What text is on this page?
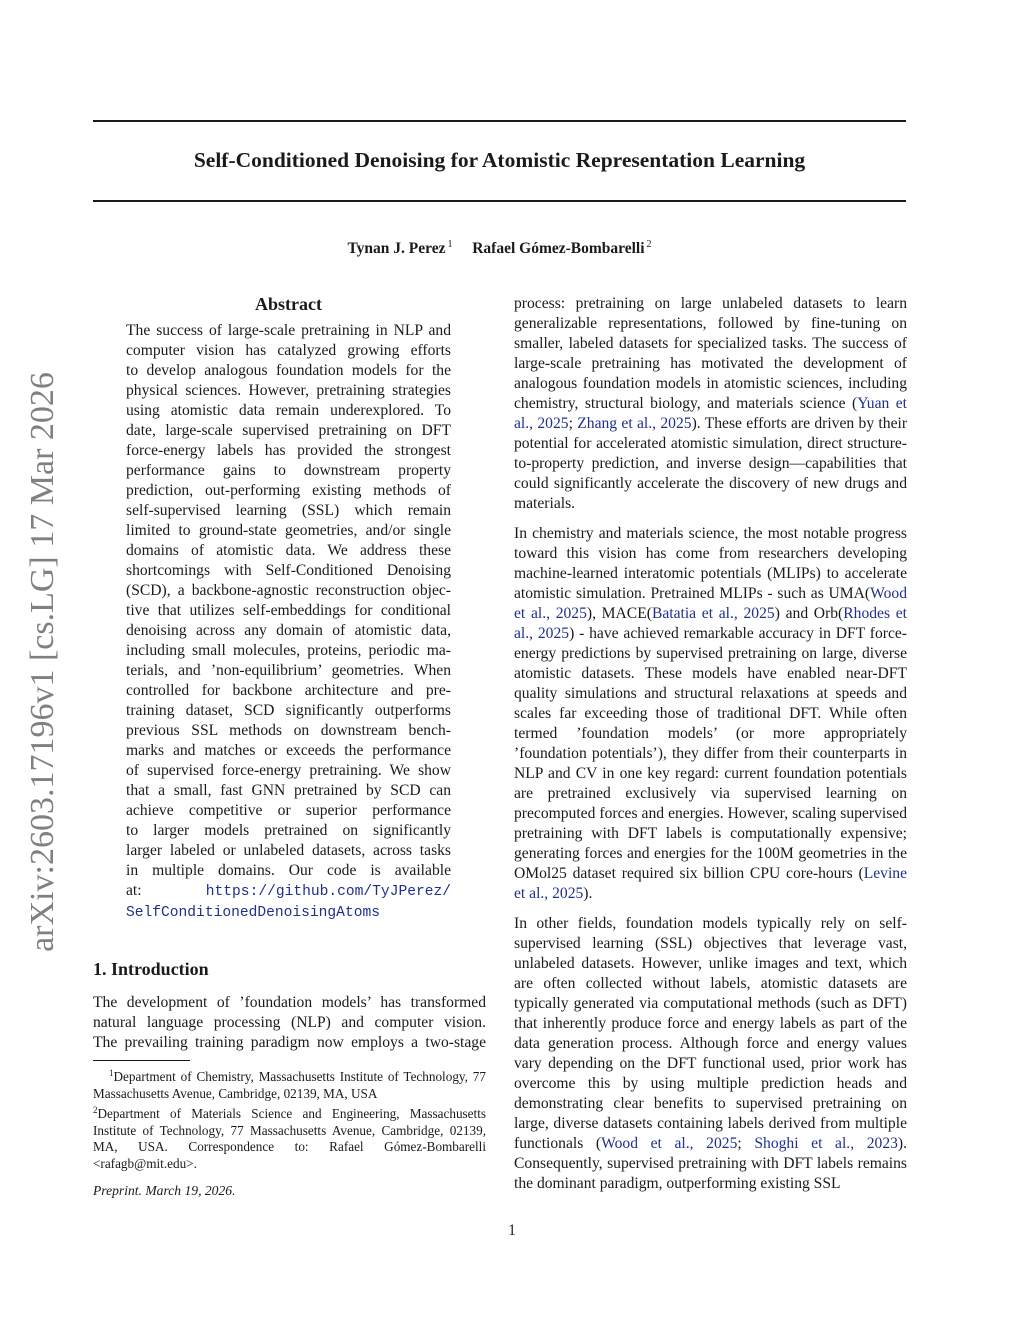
arXiv:2603.17196v1 [cs.LG] 17 Mar 2026
Self-Conditioned Denoising for Atomistic Representation Learning
Tynan J. Perez $^1$ Rafael Gómez-Bombarelli $^2$
Abstract
The success of large-scale pretraining in NLP and
computer vision has catalyzed growing efforts
to develop analogous foundation models for the
physical sciences. However, pretraining strategies
using atomistic data remain underexplored. To
date, large-scale supervised pretraining on DFT
force-energy labels has provided the strongest
performance gains to downstream property
prediction, out-performing existing methods of
self-supervised learning (SSL) which remain
limited to ground-state geometries, and/or single
domains of atomistic data. We address these
shortcomings with Self-Conditioned Denoising
(SCD), a backbone-agnostic reconstruction objec-
tive that utilizes self-embeddings for conditional
denoising across any domain of atomistic data,
including small molecules, proteins, periodic ma-
terials, and ’non-equilibrium’ geometries. When
controlled for backbone architecture and pre-
training dataset, SCD significantly outperforms
previous SSL methods on downstream bench-
marks and matches or exceeds the performance
of supervised force-energy pretraining. We show
that a small, fast GNN pretrained by SCD can
achieve competitive or superior performance
to larger models pretrained on significantly
larger labeled or unlabeled datasets, across tasks
in multiple domains. Our code is available
at:	https://github.com/TyJPerez/
SelfConditionedDenoisingAtoms
1. Introduction
The development of ’foundation models’ has transformed
natural language processing (NLP) and computer vision.
The prevailing training paradigm now employs a two-stage
$^1$Department of Chemistry, Massachusetts Institute of Technology, 77 Massachusetts Avenue, Cambridge, 02139, MA, USA
$^2$Department of Materials Science and Engineering, Massachusetts Institute of Technology, 77 Massachusetts Avenue, Cambridge, 02139, MA, USA. Correspondence to: Rafael Gómez-Bombarelli <rafagb@mit.edu>.
Preprint. March 19, 2026.

process: pretraining on large unlabeled datasets to learn generalizable representations, followed by fine-tuning on smaller, labeled datasets for specialized tasks. The success of large-scale pretraining has motivated the development of analogous foundation models in atomistic sciences, including chemistry, structural biology, and materials science (Yuan et al., 2025; Zhang et al., 2025). These efforts are driven by their potential for accelerated atomistic simulation, direct structure-to-property prediction, and inverse design—capabilities that could significantly accelerate the discovery of new drugs and materials.

In chemistry and materials science, the most notable progress toward this vision has come from researchers developing machine-learned interatomic potentials (MLIPs) to accelerate atomistic simulation. Pretrained MLIPs - such as UMA(Wood et al., 2025), MACE(Batatia et al., 2025) and Orb(Rhodes et al., 2025) - have achieved remarkable accuracy in DFT force-energy predictions by supervised pretraining on large, diverse atomistic datasets. These models have enabled near-DFT quality simulations and structural relaxations at speeds and scales far exceeding those of traditional DFT. While often termed ’foundation models’ (or more appropriately ’foundation potentials’), they differ from their counterparts in NLP and CV in one key regard: current foundation potentials are pretrained exclusively via supervised learning on precomputed forces and energies. However, scaling supervised pretraining with DFT labels is computationally expensive; generating forces and energies for the 100M geometries in the OMol25 dataset required six billion CPU core-hours (Levine et al., 2025).

In other fields, foundation models typically rely on self-supervised learning (SSL) objectives that leverage vast, unlabeled datasets. However, unlike images and text, which are often collected without labels, atomistic datasets are typically generated via computational methods (such as DFT) that inherently produce force and energy labels as part of the data generation process. Although force and energy values vary depending on the DFT functional used, prior work has overcome this by using multiple prediction heads and demonstrating clear benefits to supervised pretraining on large, diverse datasets containing labels derived from multiple functionals (Wood et al., 2025; Shoghi et al., 2023). Consequently, supervised pretraining with DFT labels remains the dominant paradigm, outperforming existing SSL

1
